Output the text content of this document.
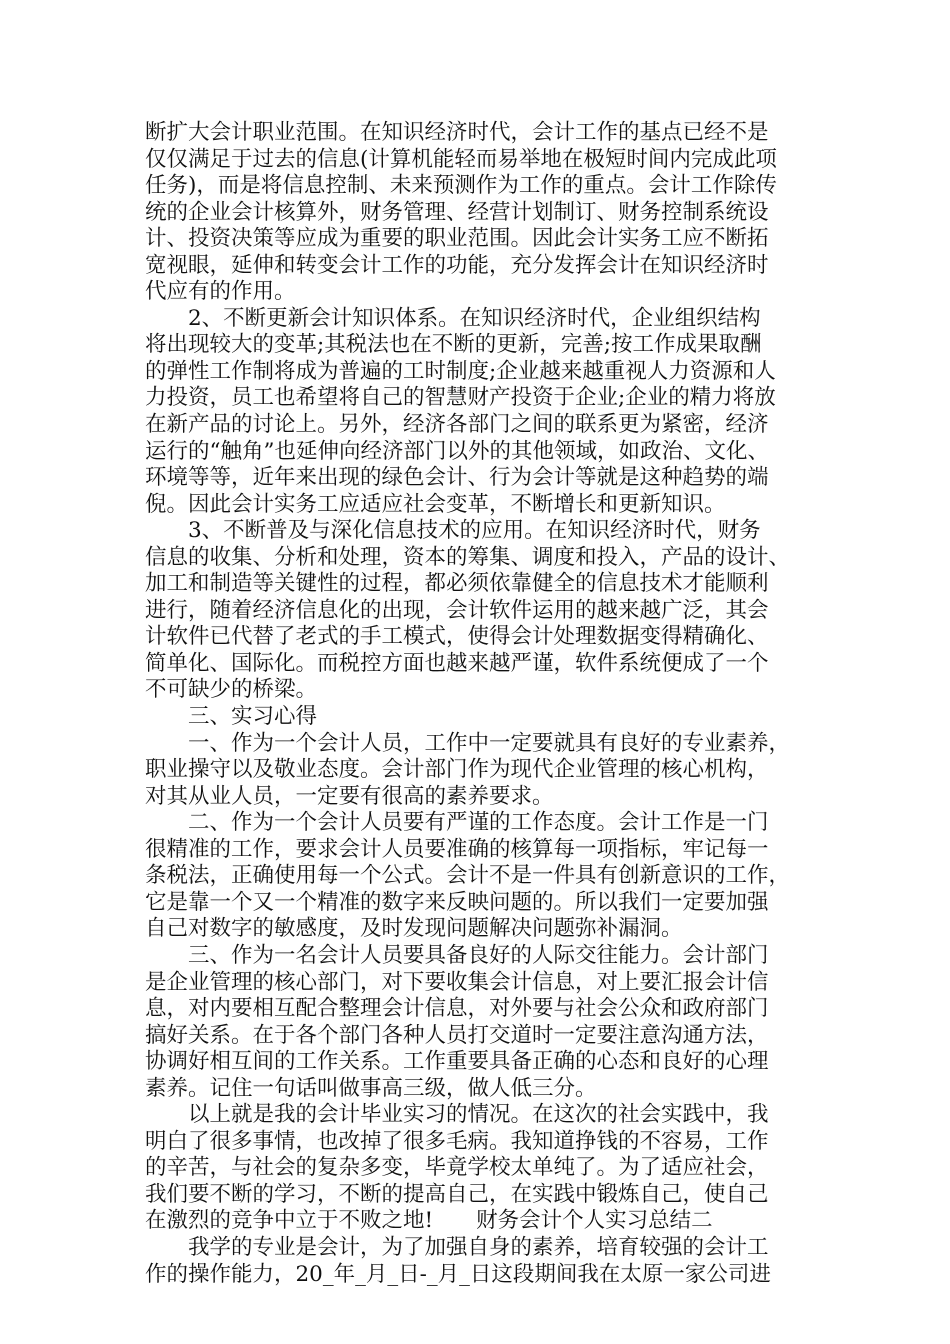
断扩大会计职业范围。在知识经济时代，会计工作的基点已经不是
仅仅满足于过去的信息(计算机能轻而易举地在极短时间内完成此项
任务)，而是将信息控制、未来预测作为工作的重点。会计工作除传
统的企业会计核算外，财务管理、经营计划制订、财务控制系统设
计、投资决策等应成为重要的职业范围。因此会计实务工应不断拓
宽视眼，延伸和转变会计工作的功能，充分发挥会计在知识经济时
代应有的作用。
　　2、不断更新会计知识体系。在知识经济时代，企业组织结构
将出现较大的变革;其税法也在不断的更新，完善;按工作成果取酬
的弹性工作制将成为普遍的工时制度;企业越来越重视人力资源和人
力投资，员工也希望将自己的智慧财产投资于企业;企业的精力将放
在新产品的讨论上。另外，经济各部门之间的联系更为紧密，经济
运行的“触角”也延伸向经济部门以外的其他领域，如政治、文化、
环境等等，近年来出现的绿色会计、行为会计等就是这种趋势的端
倪。因此会计实务工应适应社会变革，不断增长和更新知识。
　　3、不断普及与深化信息技术的应用。在知识经济时代，财务
信息的收集、分析和处理，资本的筹集、调度和投入，产品的设计、
加工和制造等关键性的过程，都必须依靠健全的信息技术才能顺利
进行，随着经济信息化的出现，会计软件运用的越来越广泛，其会
计软件已代替了老式的手工模式，使得会计处理数据变得精确化、
简单化、国际化。而税控方面也越来越严谨，软件系统便成了一个
不可缺少的桥梁。
　　三、实习心得
　　一、作为一个会计人员，工作中一定要就具有良好的专业素养，
职业操守以及敬业态度。会计部门作为现代企业管理的核心机构，
对其从业人员，一定要有很高的素养要求。
　　二、作为一个会计人员要有严谨的工作态度。会计工作是一门
很精准的工作，要求会计人员要准确的核算每一项指标，牢记每一
条税法，正确使用每一个公式。会计不是一件具有创新意识的工作，
它是靠一个又一个精准的数字来反映问题的。所以我们一定要加强
自己对数字的敏感度，及时发现问题解决问题弥补漏洞。
　　三、作为一名会计人员要具备良好的人际交往能力。会计部门
是企业管理的核心部门，对下要收集会计信息，对上要汇报会计信
息，对内要相互配合整理会计信息，对外要与社会公众和政府部门
搞好关系。在于各个部门各种人员打交道时一定要注意沟通方法，
协调好相互间的工作关系。工作重要具备正确的心态和良好的心理
素养。记住一句话叫做事高三级，做人低三分。
　　以上就是我的会计毕业实习的情况。在这次的社会实践中，我
明白了很多事情，也改掉了很多毛病。我知道挣钱的不容易，工作
的辛苦，与社会的复杂多变，毕竟学校太单纯了。为了适应社会，
我们要不断的学习，不断的提高自己，在实践中锻炼自己，使自己
在激烈的竞争中立于不败之地!　　财务会计个人实习总结二
　　我学的专业是会计，为了加强自身的素养，培育较强的会计工
作的操作能力，20_年_月_日-_月_日这段期间我在太原一家公司进
